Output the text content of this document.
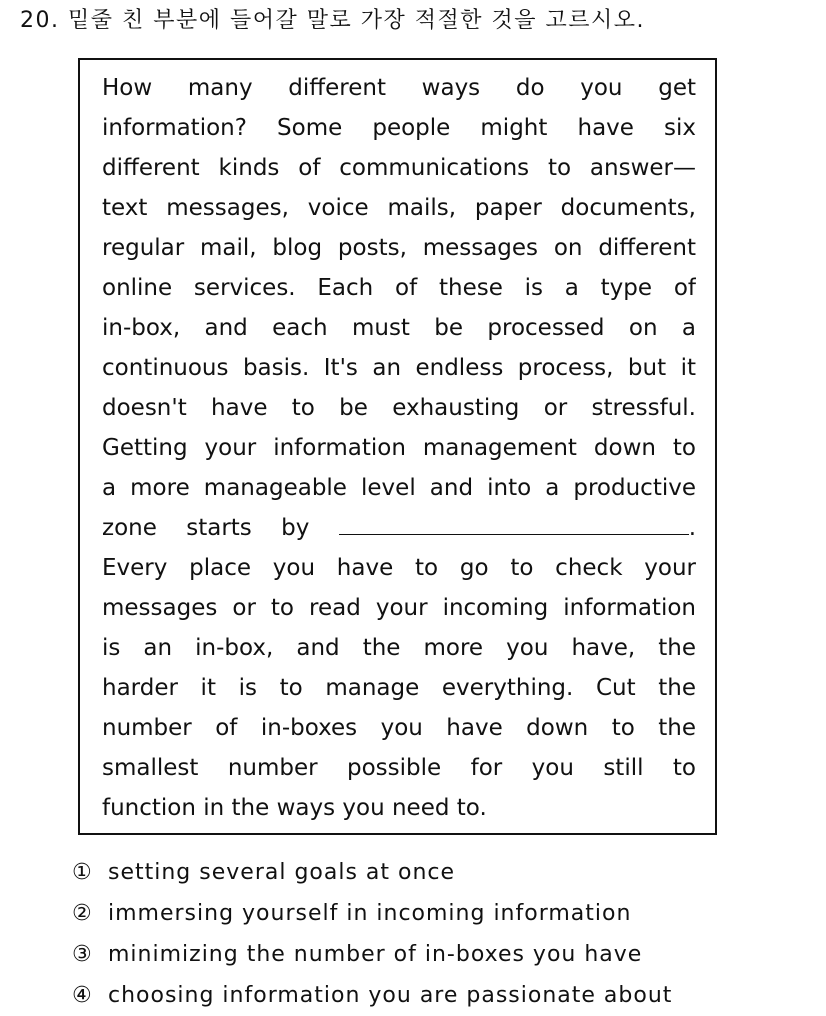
20. 밑줄 친 부분에 들어갈 말로 가장 적절한 것을 고르시오.
How many different ways do you get
information? Some people might have six
different kinds of communications to answer—
text messages, voice mails, paper documents,
regular mail, blog posts, messages on different
online services. Each of these is a type of
in-box, and each must be processed on a
continuous basis. It's an endless process, but it
doesn't have to be exhausting or stressful.
Getting your information management down to
a more manageable level and into a productive
zone starts by	.
Every place you have to go to check your
messages or to read your incoming information
is an in-box, and the more you have, the
harder it is to manage everything. Cut the
number of in-boxes you have down to the
smallest number possible for you still to
function in the ways you need to.
① setting several goals at once
② immersing yourself in incoming information
③ minimizing the number of in-boxes you have
④ choosing information you are passionate about
